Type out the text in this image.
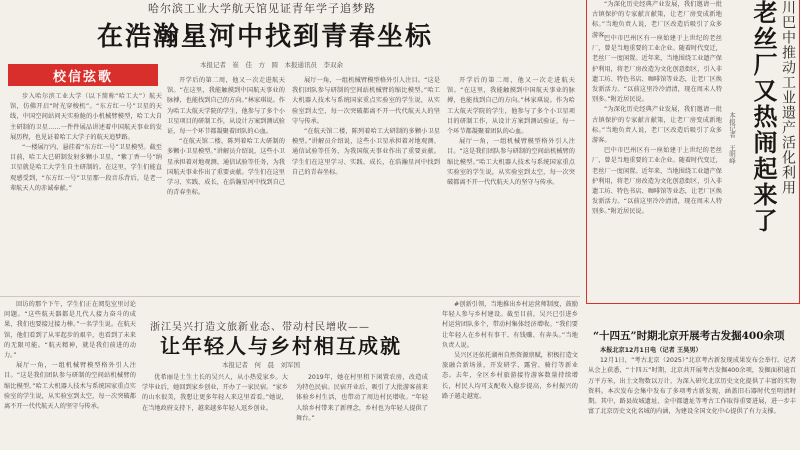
哈尔滨工业大学航天馆见证青年学子追梦路
在浩瀚星河中找到青春坐标
本报记者　崔　佳　方　圆　本报通讯员　李双余
校信弦歌

步入哈尔滨工业大学（以下简称“哈工大”）航天馆，仿佛开启“时光穿梭机”。“东方红一号”卫星的天线，中国空间站问天实验舱的小机械臂模型，哈工大自主研制的卫星……一件件展品讲述着中国航天事业的发展历程，也见证着哈工大学子的航天追梦路。

“一楼展厅内，悬挂着“东方红一号”卫星模型。截至目前，哈工大已研制发射多颗小卫星，“紫丁香一号”纳卫星就是哈工大学生自主研制的。在这里，学生们能直观感受到，“东方红一号”卫星那一段音乐背后，是老一辈航天人的赤诚奉献。”

开学后的第二周，他又一次走进航天馆。“在这里，我能触摸到中国航天事业的脉搏，也能找到自己的方向。”林家琪说。作为哈工大航天学院的学生，他参与了多个小卫星项目的研制工作，从设计方案到测试验证，每一个环节都凝聚着团队的心血。

“在航天馆二楼，陈列着哈工大研制的多颗小卫星模型。”讲解员介绍说，这些小卫星承担着对地观测、通信试验等任务，为我国航天事业作出了重要贡献。学生们在这里学习、实践、成长，在浩瀚星河中找到自己的青春坐标。

展厅一角，一组机械臂模型格外引人注目。“这是我们团队参与研制的空间站机械臂的缩比模型。”哈工大机器人技术与系统国家重点实验室的学生说，从实验室到太空，每一次突破都离不开一代代航天人的坚守与传承。

“在航天馆二楼，陈列着哈工大研制的多颗小卫星模型。”讲解员介绍说，这些小卫星承担着对地观测、通信试验等任务，为我国航天事业作出了重要贡献。学生们在这里学习、实践、成长，在浩瀚星河中找到自己的青春坐标。

开学后的第二周，他又一次走进航天馆。“在这里，我能触摸到中国航天事业的脉搏，也能找到自己的方向。”林家琪说。作为哈工大航天学院的学生，他参与了多个小卫星项目的研制工作，从设计方案到测试验证，每一个环节都凝聚着团队的心血。

展厅一角，一组机械臂模型格外引人注目。“这是我们团队参与研制的空间站机械臂的缩比模型。”哈工大机器人技术与系统国家重点实验室的学生说，从实验室到太空，每一次突破都离不开一代代航天人的坚守与传承。

回访的那个下午，学生们正在阅览室里讨论问题。“这些航天器都是几代人接力奋斗的成果，我们也要接过接力棒。”一名学生说。在航天馆，他们看到了从零起步的艰辛，也看到了未来的无限可能。“航天精神，就是我们前进的动力。”

展厅一角，一组机械臂模型格外引人注目。“这是我们团队参与研制的空间站机械臂的缩比模型。”哈工大机器人技术与系统国家重点实验室的学生说，从实验室到太空，每一次突破都离不开一代代航天人的坚守与传承。

浙江吴兴打造文旅新业态、带动村民增收——
让年轻人与乡村相互成就
本报记者　何　晨　刘军国

优希丽是土生土长的吴兴人，从小热爱家乡。大学毕业后，她回到家乡创业，开办了一家民宿。“家乡的山水很美，我想让更多年轻人来这里看看。”她说，在当地政府支持下，越来越多年轻人返乡创业。

2019年，她在村里租下闲置农房，改造成为特色民宿。民宿开业后，吸引了大批游客前来体验乡村生活，也带动了周边村民增收。“年轻人给乡村带来了新理念，乡村也为年轻人提供了舞台。”

#创新引领，当地推出乡村运营师制度，鼓励年轻人参与乡村建设。截至目前，吴兴已引进乡村运营团队多个，带动村集体经济增收。“我们要让年轻人在乡村有事干、有钱赚、有奔头。”当地负责人说。

吴兴区还依托湖州自然资源禀赋，积极打造文旅融合新场景，开发研学、露营、骑行等新业态。去年，全区乡村旅游接待游客数量持续增长，村民人均可支配收入稳步提高，乡村振兴的路子越走越宽。

“为深化历史经典产业发展，我们邀请一批古镇保护的专家献言献策，让老厂房变成新地标。”当地负责人说，老厂区改造后吸引了众多游客。	老丝厂又热闹起来了 川巴中推动工业遗产活化利用
本报记者　王明峰

巴中市巴州区有一座始建于上世纪的老丝厂，曾是当地重要的工业企业。随着时代变迁，老丝厂一度闲置。近年来，当地围绕工业遗产保护利用，将老厂房改造为文化创意街区，引入非遗工坊、特色书店、咖啡馆等业态，让老厂区焕发新活力。“以前这里冷冷清清，现在周末人特别多。”附近居民说。

“为深化历史经典产业发展，我们邀请一批古镇保护的专家献言献策，让老厂房变成新地标。”当地负责人说，老厂区改造后吸引了众多游客。

巴中市巴州区有一座始建于上世纪的老丝厂，曾是当地重要的工业企业。随着时代变迁，老丝厂一度闲置。近年来，当地围绕工业遗产保护利用，将老厂房改造为文化创意街区，引入非遗工坊、特色书店、咖啡馆等业态，让老厂区焕发新活力。“以前这里冷冷清清，现在周末人特别多。”附近居民说。

“十四五”时期北京开展考古发掘400余项

本报北京12月1日电（记者 王昊男）

12月1日，“考古北京（2025）”北京考古新发现成果发布会举行。记者从会上获悉，“十四五”时期，北京共开展考古发掘400余项，发掘面积逾百万平方米，出土文物数以万计，为深入研究北京历史文化提供了丰富的实物资料。本次发布会集中发布了多项考古新发现，涵盖旧石器时代至明清时期。其中，路县故城遗址、金中都遗址等考古工作取得重要进展，进一步丰富了北京历史文化名城的内涵，为建设全国文化中心提供了有力支撑。
